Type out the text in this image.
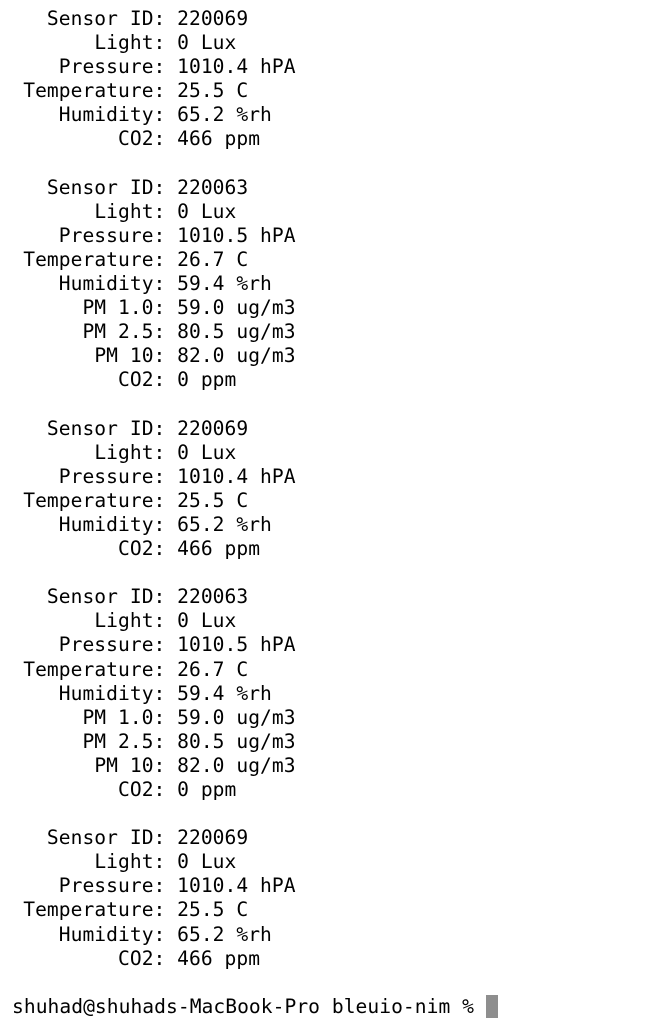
Sensor ID: 220069
Light: 0 Lux
Pressure: 1010.4 hPA
Temperature: 25.5 C
Humidity: 65.2 %rh
CO2: 466 ppm
Sensor ID: 220063
Light: 0 Lux
Pressure: 1010.5 hPA
Temperature: 26.7 C
Humidity: 59.4 %rh
PM 1.0: 59.0 ug/m3
PM 2.5: 80.5 ug/m3
PM 10: 82.0 ug/m3
CO2: 0 ppm
Sensor ID: 220069
Light: 0 Lux
Pressure: 1010.4 hPA
Temperature: 25.5 C
Humidity: 65.2 %rh
CO2: 466 ppm
Sensor ID: 220063
Light: 0 Lux
Pressure: 1010.5 hPA
Temperature: 26.7 C
Humidity: 59.4 %rh
PM 1.0: 59.0 ug/m3
PM 2.5: 80.5 ug/m3
PM 10: 82.0 ug/m3
CO2: 0 ppm
Sensor ID: 220069
Light: 0 Lux
Pressure: 1010.4 hPA
Temperature: 25.5 C
Humidity: 65.2 %rh
CO2: 466 ppm
shuhad@shuhads-MacBook-Pro bleuio-nim %
